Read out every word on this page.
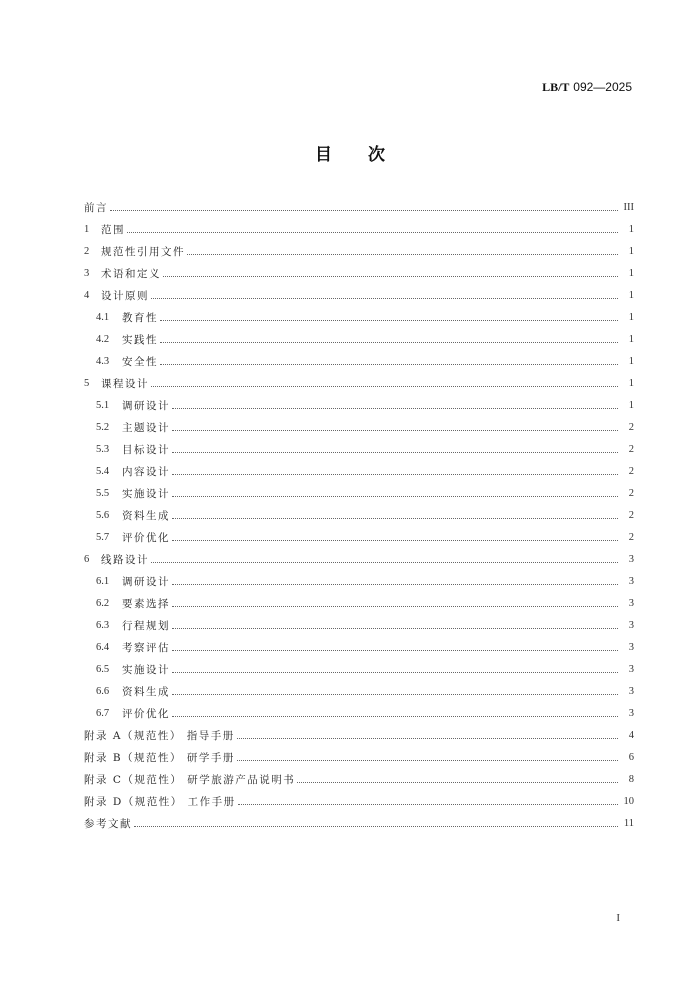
LB/T 092—2025
目次
前言	III
1	范围	1
2	规范性引用文件	1
3	术语和定义	1
4	设计原则	1
4.1	教育性	1
4.2	实践性	1
4.3	安全性	1
5	课程设计	1
5.1	调研设计	1
5.2	主题设计	2
5.3	目标设计	2
5.4	内容设计	2
5.5	实施设计	2
5.6	资料生成	2
5.7	评价优化	2
6	线路设计	3
6.1	调研设计	3
6.2	要素选择	3
6.3	行程规划	3
6.4	考察评估	3
6.5	实施设计	3
6.6	资料生成	3
6.7	评价优化	3
附录 A（规范性） 指导手册	4
附录 B（规范性） 研学手册	6
附录 C（规范性） 研学旅游产品说明书	8
附录 D（规范性） 工作手册	10
参考文献	11
I
